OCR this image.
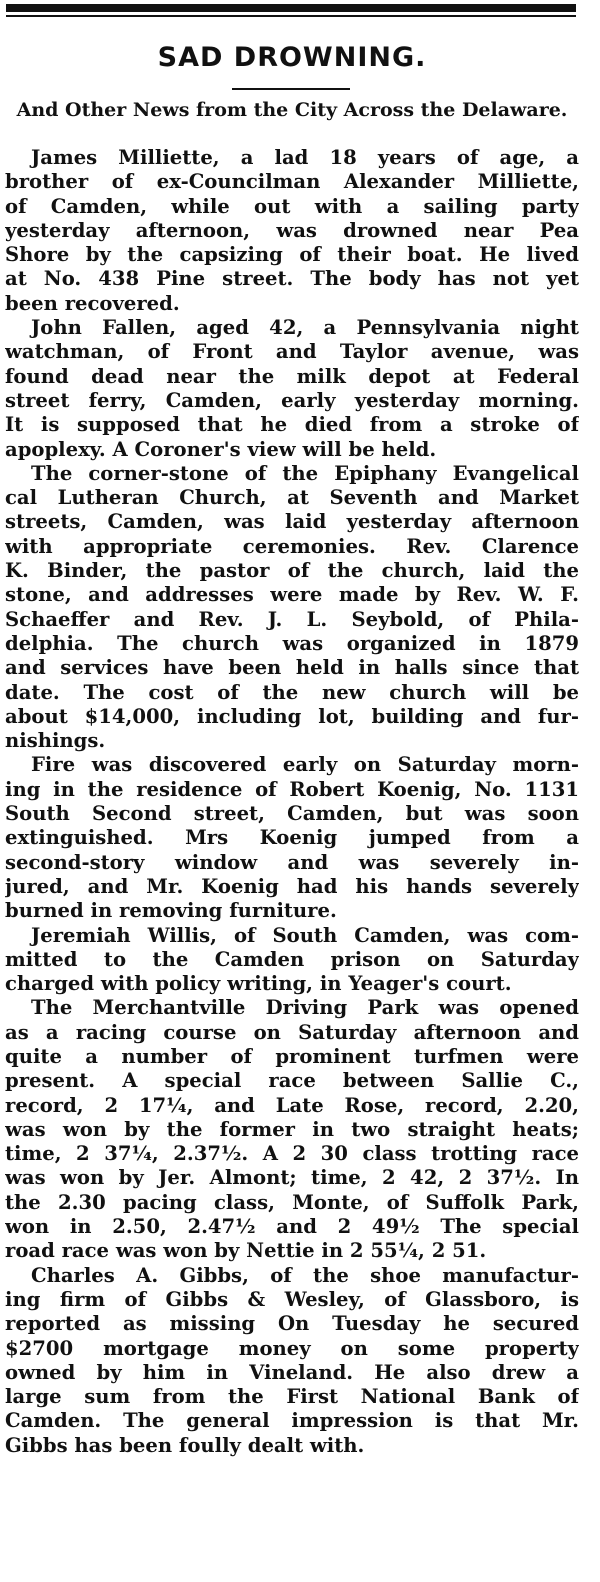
SAD DROWNING.
And Other News from the City Across the Delaware.

James Milliette, a lad 18 years of age, a
brother of ex-Councilman Alexander Milliette,
of Camden, while out with a sailing party
yesterday afternoon, was drowned near Pea
Shore by the capsizing of their boat. He lived
at No. 438 Pine street. The body has not yet
been recovered.

John Fallen, aged 42, a Pennsylvania night
watchman, of Front and Taylor avenue, was
found dead near the milk depot at Federal
street ferry, Camden, early yesterday morning.
It is supposed that he died from a stroke of
apoplexy. A Coroner's view will be held.

The corner-stone of the Epiphany Evangelical
cal Lutheran Church, at Seventh and Market
streets, Camden, was laid yesterday afternoon
with appropriate ceremonies. Rev. Clarence
K. Binder, the pastor of the church, laid the
stone, and addresses were made by Rev. W. F.
Schaeffer and Rev. J. L. Seybold, of Phila-
delphia. The church was organized in 1879
and services have been held in halls since that
date. The cost of the new church will be
about $14,000, including lot, building and fur-
nishings.

Fire was discovered early on Saturday morn-
ing in the residence of Robert Koenig, No. 1131
South Second street, Camden, but was soon
extinguished. Mrs Koenig jumped from a
second-story window and was severely in-
jured, and Mr. Koenig had his hands severely
burned in removing furniture.

Jeremiah Willis, of South Camden, was com-
mitted to the Camden prison on Saturday
charged with policy writing, in Yeager's court.

The Merchantville Driving Park was opened
as a racing course on Saturday afternoon and
quite a number of prominent turfmen were
present. A special race between Sallie C.,
record, 2 17¼, and Late Rose, record, 2.20,
was won by the former in two straight heats;
time, 2 37¼, 2.37½. A 2 30 class trotting race
was won by Jer. Almont; time, 2 42, 2 37½. In
the 2.30 pacing class, Monte, of Suffolk Park,
won in 2.50, 2.47½ and 2 49½ The special
road race was won by Nettie in 2 55¼, 2 51.

Charles A. Gibbs, of the shoe manufactur-
ing firm of Gibbs & Wesley, of Glassboro, is
reported as missing On Tuesday he secured
$2700 mortgage money on some property
owned by him in Vineland. He also drew a
large sum from the First National Bank of
Camden. The general impression is that Mr.
Gibbs has been foully dealt with.
